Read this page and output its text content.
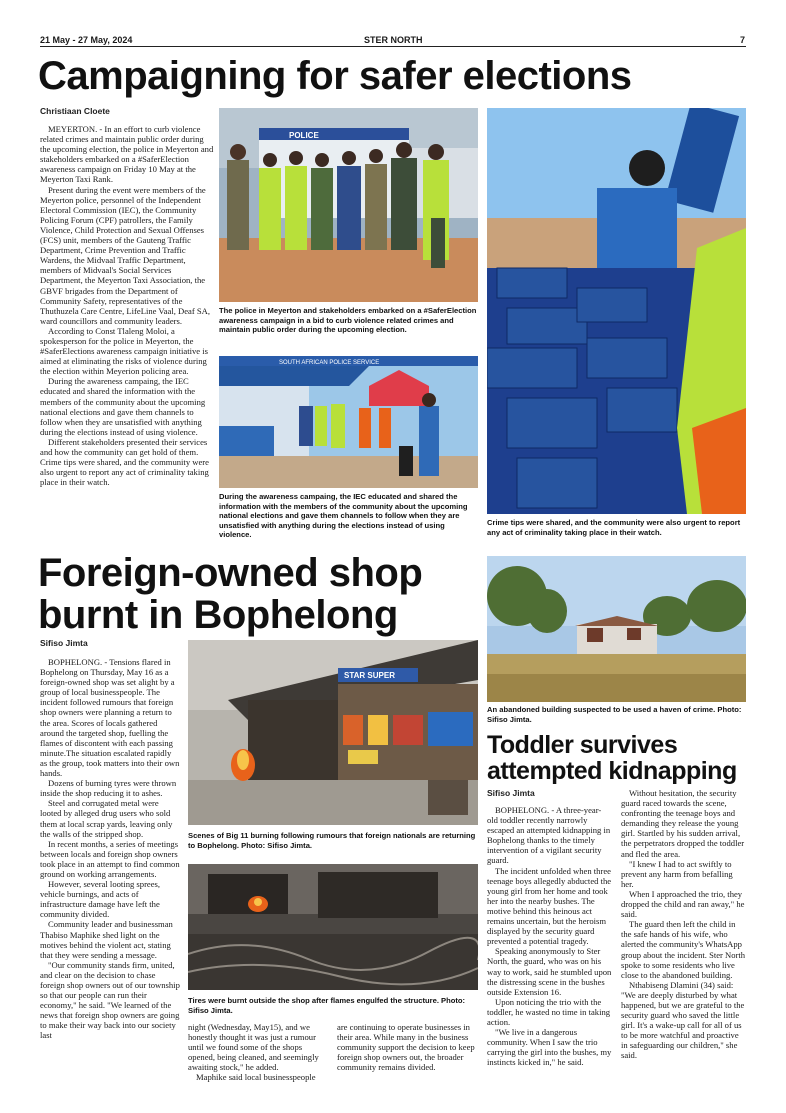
21 May - 27 May, 2024	STER NORTH	7
Campaigning for safer elections
Christiaan Cloete

MEYERTON. - In an effort to curb violence related crimes and maintain public order during the upcoming election, the police in Meyerton and stakeholders embarked on a #SaferElection awareness campaign on Friday 10 May at the Meyerton Taxi Rank.

Present during the event were members of the Meyerton police, personnel of the Independent Electoral Commission (IEC), the Community Policing Forum (CPF) patrollers, the Family Violence, Child Protection and Sexual Offenses (FCS) unit, members of the Gauteng Traffic Department, Crime Prevention and Traffic Wardens, the Midvaal Traffic Department, members of Midvaal's Social Services Department, the Meyerton Taxi Association, the GBVF brigades from the Department of Community Safety, representatives of the Thuthuzela Care Centre, LifeLine Vaal, Deaf SA, ward councillors and community leaders.

According to Const Tlaleng Moloi, a spokesperson for the police in Meyerton, the #SaferElections awareness campaign initiative is aimed at eliminating the risks of violence during the election within Meyerion policing area.

During the awareness campaing, the IEC educated and shared the information with the members of the community about the upcoming national elections and gave them channels to follow when they are unsatisfied with anything during the elections instead of using violence.

Different stakeholders presented their services and how the community can get hold of them. Crime tips were shared, and the community were also urgent to report any act of criminality taking place in their watch.

POLICE
The police in Meyerton and stakeholders embarked on a #SaferElection awareness campaign in a bid to curb violence related crimes and maintain public order during the upcoming election.
SOUTH AFRICAN POLICE SERVICE
During the awareness campaing, the IEC educated and shared the information with the members of the community about the upcoming national elections and gave them channels to follow when they are unsatisfied with anything during the elections instead of using violence.
Crime tips were shared, and the community were also urgent to report any act of criminality taking place in their watch.
Foreign-owned shop
burnt in Bophelong
Sifiso Jimta

BOPHELONG. - Tensions flared in Bophelong on Thursday, May 16 as a foreign-owned shop was set alight by a group of local businesspeople. The incident followed rumours that foreign shop owners were planning a return to the area. Scores of locals gathered around the targeted shop, fuelling the flames of discontent with each passing minute.The situation escalated rapidly as the group, took matters into their own hands.

Dozens of burning tyres were thrown inside the shop reducing it to ashes.

Steel and corrugated metal were looted by alleged drug users who sold them at local scrap yards, leaving only the walls of the stripped shop.

In recent months, a series of meetings between locals and foreign shop owners took place in an attempt to find common ground on working arrangements.

However, several looting sprees, vehicle burnings, and acts of infrastructure damage have left the community divided.

Community leader and businessman Thabiso Maphike shed light on the motives behind the violent act, stating that they were sending a message.

"Our community stands firm, united, and clear on the decision to chase foreign shop owners out of our township so that our people can run their economy," he said. "We learned of the news that foreign shop owners are going to make their way back into our society last

STAR SUPER
Scenes of Big 11 burning following rumours that foreign nationals are returning to Bophelong. Photo: Sifiso Jimta.
Tires were burnt outside the shop after flames engulfed the structure. Photo: Sifiso Jimta.

night (Wednesday, May15), and we honestly thought it was just a rumour until we found some of the shops opened, being cleaned, and seemingly awaiting stock," he added.

Maphike said local businesspeople

are continuing to operate businesses in their area. While many in the business community support the decision to keep foreign shop owners out, the broader community remains divided.

An abandoned building suspected to be used a haven of crime. Photo: Sifiso Jimta.
Toddler survives
attempted kidnapping
Sifiso Jimta

BOPHELONG. - A three-year-old toddler recently narrowly escaped an attempted kidnapping in Bophelong thanks to the timely intervention of a vigilant security guard.

The incident unfolded when three teenage boys allegedly abducted the young girl from her home and took her into the nearby bushes. The motive behind this heinous act remains uncertain, but the heroism displayed by the security guard prevented a potential tragedy.

Speaking anonymously to Ster North, the guard, who was on his way to work, said he stumbled upon the distressing scene in the bushes outside Extension 16.

Upon noticing the trio with the toddler, he wasted no time in taking action.

"We live in a dangerous community. When I saw the trio carrying the girl into the bushes, my instincts kicked in," he said.

Without hesitation, the security guard raced towards the scene, confronting the teenage boys and demanding they release the young girl. Startled by his sudden arrival, the perpetrators dropped the toddler and fled the area.

"I knew I had to act swiftly to prevent any harm from befalling her.

When I approached the trio, they dropped the child and ran away," he said.

The guard then left the child in the safe hands of his wife, who alerted the community's WhatsApp group about the incident. Ster North spoke to some residents who live close to the abandoned building.

Nthabiseng Dlamini (34) said: "We are deeply disturbed by what happened, but we are grateful to the security guard who saved the little girl. It's a wake-up call for all of us to be more watchful and proactive in safeguarding our children," she said.
